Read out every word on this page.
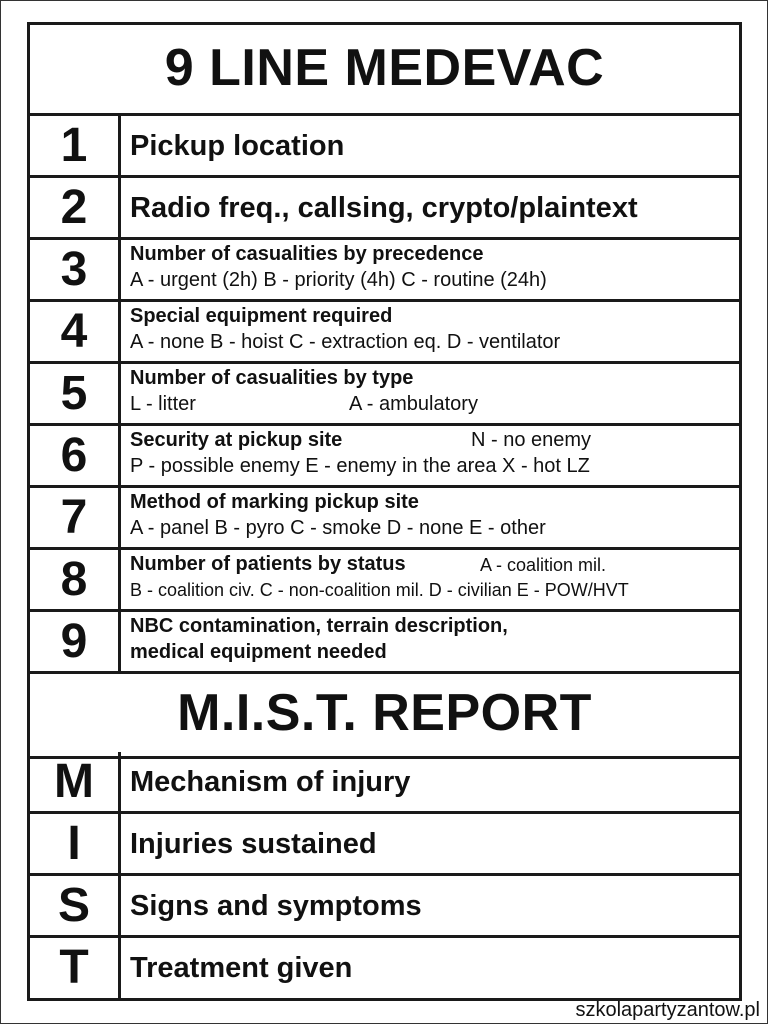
9 LINE MEDEVAC
1	Pickup location
2	Radio freq., callsing, crypto/plaintext
3	Number of casualities by precedence
A - urgent (2h) B - priority (4h) C - routine (24h)
4	Special equipment required
A - none B - hoist C - extraction eq. D - ventilator
5	Number of casualities by type
L - litter	A - ambulatory
6	Security at pickup site	N - no enemy
P - possible enemy E - enemy in the area X - hot LZ
7	Method of marking pickup site
A - panel B - pyro C - smoke D - none E - other
8	Number of patients by status	A - coalition mil.
B - coalition civ. C - non-coalition mil. D - civilian E - POW/HVT
9	NBC contamination, terrain description,
medical equipment needed
M.I.S.T. REPORT
M	Mechanism of injury
I	Injuries sustained
S	Signs and symptoms
T	Treatment given
szkolapartyzantow.pl
